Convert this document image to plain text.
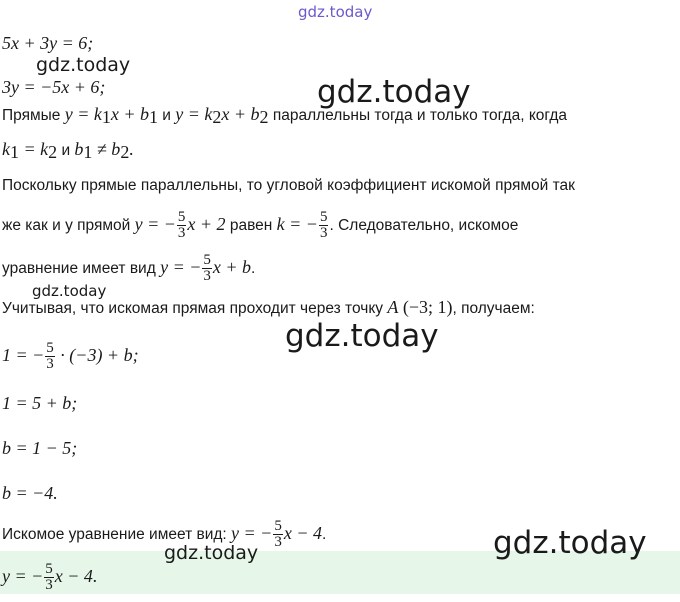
gdz.today
gdz.today
gdz.today
gdz.today
gdz.today
gdz.today	gdz.today
5x + 3y = 6;
3y = −5x + 6;
Прямые $y = k_1x + b_1$ и $y = k_2x + b_2$ параллельны тогда и только тогда, когда
$k_1 = k_2$ и $b_1 \ne b_2$.
Поскольку прямые параллельны, то угловой коэффициент искомой прямой так
же как и у прямой y = − $\frac{5}{3}$ x + 2 равен k = − $\frac{5}{3}$ . Следовательно, искомое
уравнение имеет вид y = − $\frac{5}{3}$ x + b.
Учитывая, что искомая прямая проходит через точку A (−3; 1), получаем:
1 = − $\frac{5}{3} \cdot (-3) + b$;
1 = 5 + b;
b = 1 − 5;
b = −4.
Искомое уравнение имеет вид: y = − $\frac{5}{3}$ x − 4.
y = − $\frac{5}{3}$ x − 4.
